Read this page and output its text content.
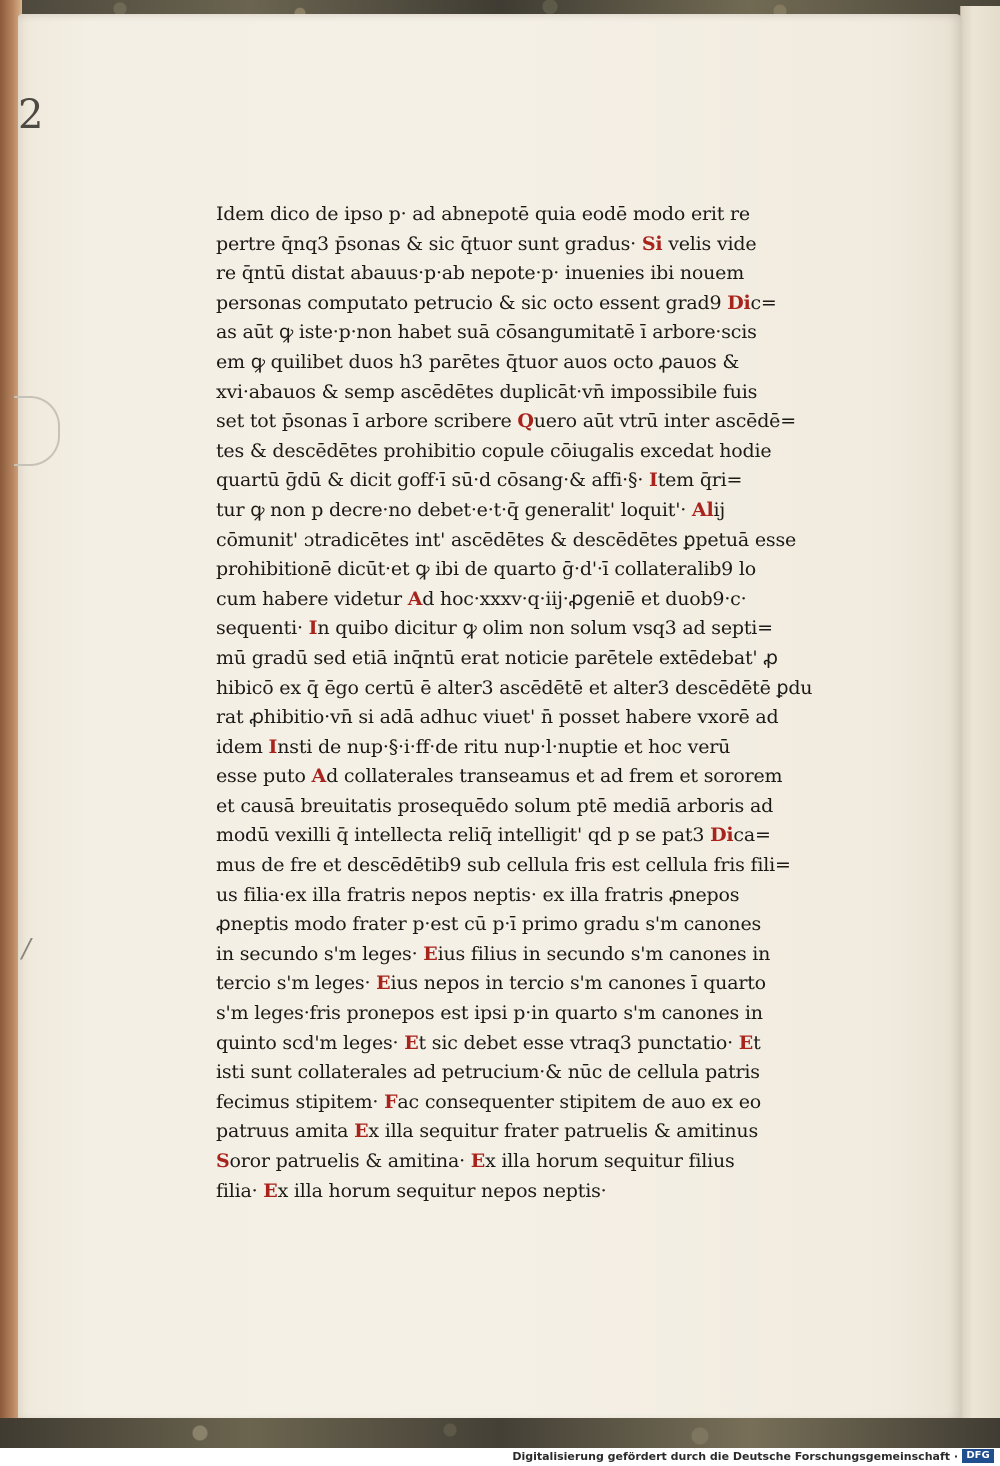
2
/
Idem dico de ipso p· ad abnepotē quia eodē modo erit re
pertre q̄nq3 p̄sonas & sic q̄tuor sunt gradus· Si velis vide
re q̄ntū distat abauus·p·ab nepote·p· inuenies ibi nouem
personas computato petrucio & sic octo essent grad9 Dic=
as aūt ꝙ iste·p·non habet suā cōsangumitatē ī arbore·scis
em ꝙ quilibet duos h3 parētes q̄tuor auos octo ꝓauos &
xvi·abauos & semp ascēdētes duplicāt·vn̄ impossibile fuis
set tot p̄sonas ī arbore scribere Quero aūt vtrū inter ascēdē=
tes & descēdētes prohibitio copule cōiugalis excedat hodie
quartū ḡdū & dicit goff·ī sū·d cōsang·& affi·§· Item q̄ri=
tur ꝙ non p decre·no debet·e·t·q̄ generalit' loquit'· Alij
cōmunit' ɔtradicētes int' ascēdētes & descēdētes ꝑpetuā esse
prohibitionē dicūt·et ꝙ ibi de quarto ḡ·d'·ī collateralib9 lo
cum habere videtur Ad hoc·xxxv·q·iij·ꝓgeniē et duob9·c·
sequenti· In quibo dicitur ꝙ olim non solum vsq3 ad septi=
mū gradū sed etiā inq̄ntū erat noticie parētele extēdebat' ꝓ
hibicō ex q̄ ēgo certū ē alter3 ascēdētē et alter3 descēdētē ꝑdu
rat ꝓhibitio·vn̄ si adā adhuc viuet' n̄ posset habere vxorē ad
idem Insti de nup·§·i·ff·de ritu nup·l·nuptie et hoc verū
esse puto Ad collaterales transeamus et ad frem et sororem
et causā breuitatis prosequēdo solum ptē mediā arboris ad
modū vexilli q̄ intellecta reliq̄ intelligit' qd p se pat3 Dica=
mus de fre et descēdētib9 sub cellula fris est cellula fris fili=
us filia·ex illa fratris nepos neptis· ex illa fratris ꝓnepos
ꝓneptis modo frater p·est cū p·ī primo gradu s'm canones
in secundo s'm leges· Eius filius in secundo s'm canones in
tercio s'm leges· Eius nepos in tercio s'm canones ī quarto
s'm leges·fris pronepos est ipsi p·in quarto s'm canones in
quinto scd'm leges· Et sic debet esse vtraq3 punctatio· Et
isti sunt collaterales ad petrucium·& nūc de cellula patris
fecimus stipitem· Fac consequenter stipitem de auo ex eo
patruus amita Ex illa sequitur frater patruelis & amitinus
Soror patruelis & amitina· Ex illa horum sequitur filius
filia· Ex illa horum sequitur nepos neptis·
Digitalisierung gefördert durch die Deutsche Forschungsgemeinschaft · DFG
